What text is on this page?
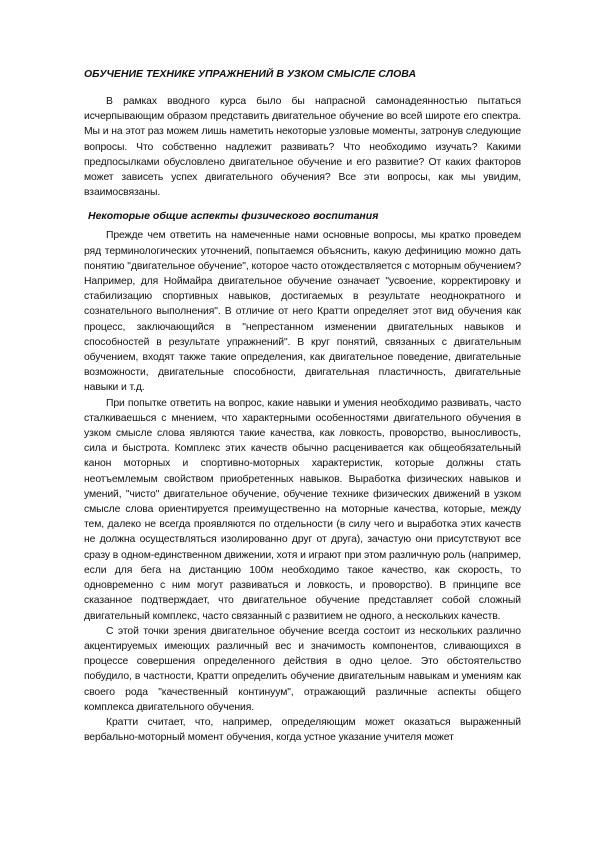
ОБУЧЕНИЕ ТЕХНИКЕ УПРАЖНЕНИЙ В УЗКОМ СМЫСЛЕ СЛОВА

В рамках вводного курса было бы напрасной самонадеянностью пытаться исчерпывающим образом представить двигательное обучение во всей широте его спектра. Мы и на этот раз можем лишь наметить некоторые узловые моменты, затронув следующие вопросы. Что собственно надлежит развивать? Что необходимо изучать? Какими предпосылками обусловлено двигательное обучение и его развитие? От каких факторов может зависеть успех двигательного обучения? Все эти вопросы, как мы увидим, взаимосвязаны.

Некоторые общие аспекты физического воспитания

Прежде чем ответить на намеченные нами основные вопросы, мы кратко проведем ряд терминологических уточнений, попытаемся объяснить, какую дефиницию можно дать понятию "двигательное обучение", которое часто отождествляется с моторным обучением? Например, для Ноймайра двигательное обучение означает "усвоение, корректировку и стабилизацию спортивных навыков, достигаемых в результате неоднократного и сознательного выполнения". В отличие от него Кратти определяет этот вид обучения как процесс, заключающийся в "непрестанном изменении двигательных навыков и способностей в результате упражнений". В круг понятий, связанных с двигательным обучением, входят также такие определения, как двигательное поведение, двигательные возможности, двигательные способности, двигательная пластичность, двигательные навыки и т.д.

При попытке ответить на вопрос, какие навыки и умения необходимо развивать, часто сталкиваешься с мнением, что характерными особенностями двигательного обучения в узком смысле слова являются такие качества, как ловкость, проворство, выносливость, сила и быстрота. Комплекс этих качеств обычно расценивается как общеобязательный канон моторных и спортивно-моторных характеристик, которые должны стать неотъемлемым свойством приобретенных навыков. Выработка физических навыков и умений, "чисто" двигательное обучение, обучение технике физических движений в узком смысле слова ориентируется преимущественно на моторные качества, которые, между тем, далеко не всегда проявляются по отдельности (в силу чего и выработка этих качеств не должна осуществляться изолированно друг от друга), зачастую они присутствуют все сразу в одном-единственном движении, хотя и играют при этом различную роль (например, если для бега на дистанцию 100м необходимо такое качество, как скорость, то одновременно с ним могут развиваться и ловкость, и проворство). В принципе все сказанное подтверждает, что двигательное обучение представляет собой сложный двигательный комплекс, часто связанный с развитием не одного, а нескольких качеств.

С этой точки зрения двигательное обучение всегда состоит из нескольких различно акцентируемых имеющих различный вес и значимость компонентов, сливающихся в процессе совершения определенного действия в одно целое. Это обстоятельство побудило, в частности, Кратти определить обучение двигательным навыкам и умениям как своего рода "качественный континуум", отражающий различные аспекты общего комплекса двигательного обучения.

Кратти считает, что, например, определяющим может оказаться выраженный вербально-моторный момент обучения, когда устное указание учителя может
